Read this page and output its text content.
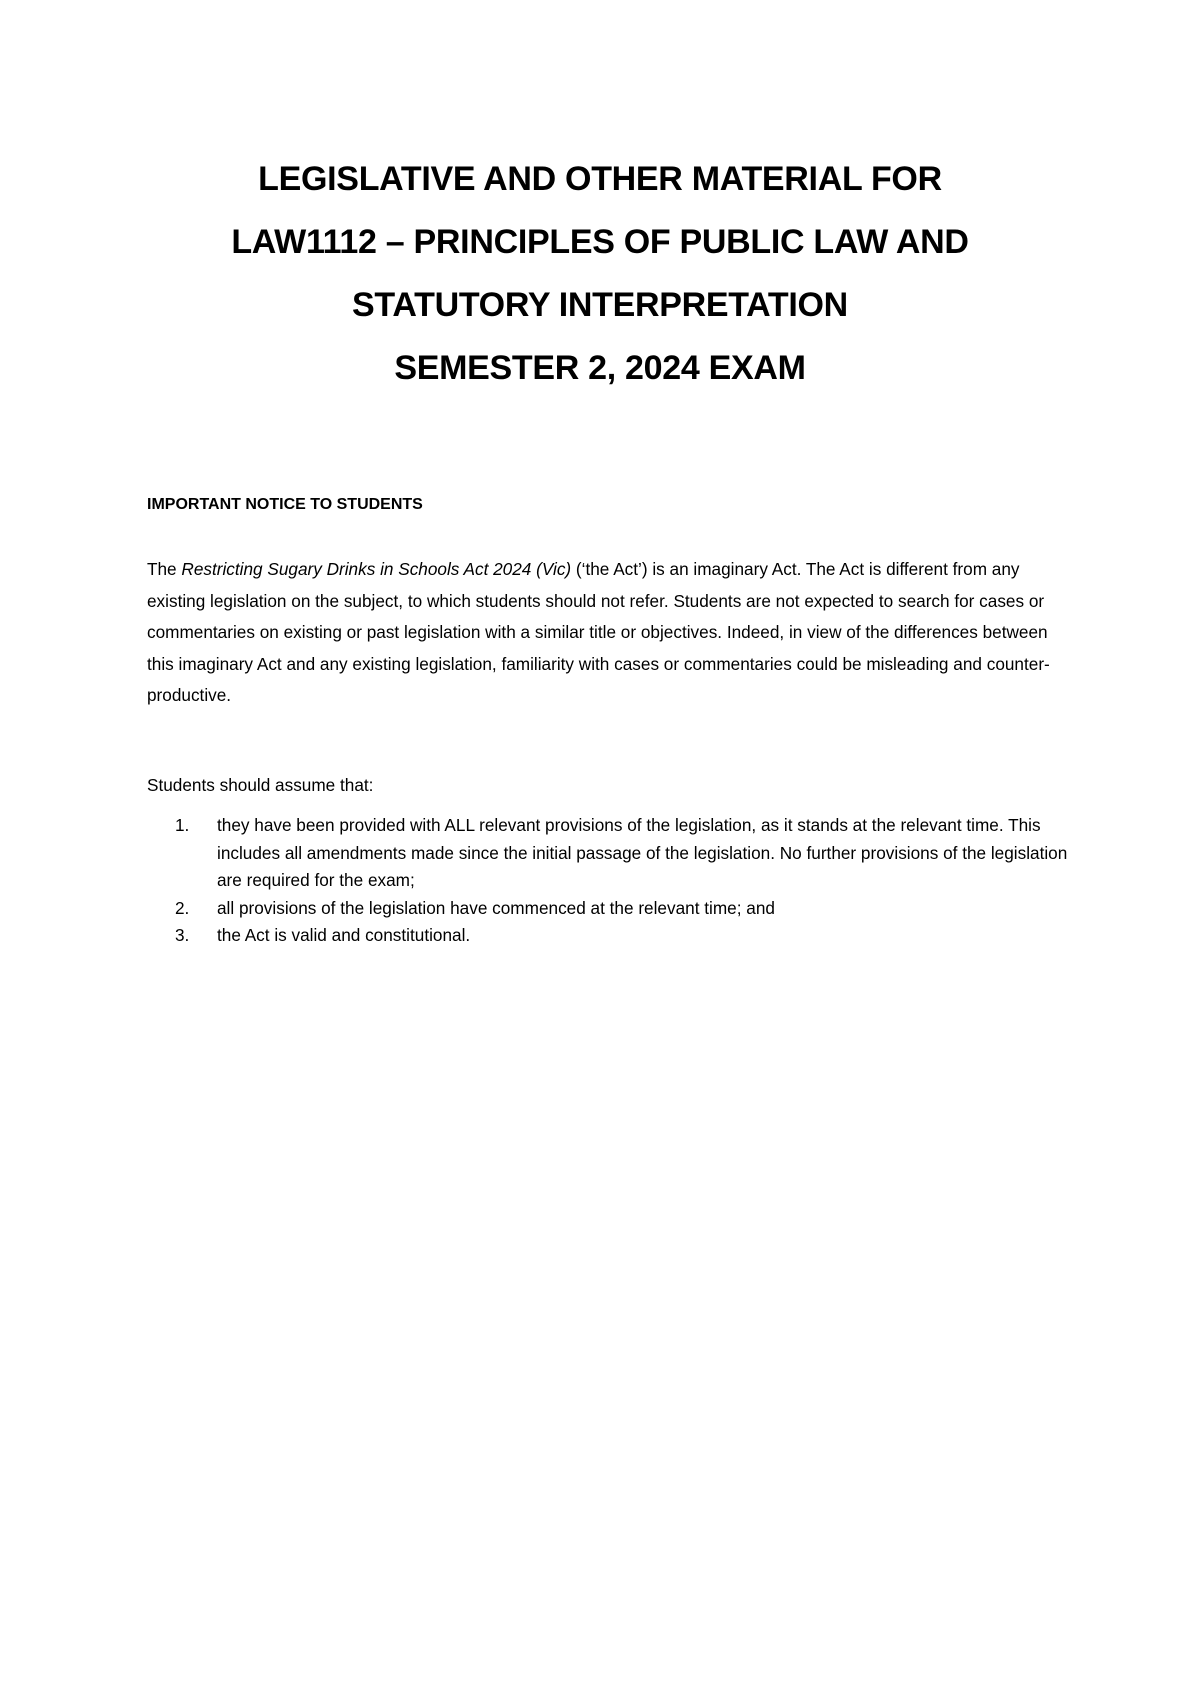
LEGISLATIVE AND OTHER MATERIAL FOR
LAW1112 – PRINCIPLES OF PUBLIC LAW AND
STATUTORY INTERPRETATION
SEMESTER 2, 2024 EXAM
IMPORTANT NOTICE TO STUDENTS
The Restricting Sugary Drinks in Schools Act 2024 (Vic) (‘the Act’) is an imaginary Act. The Act is different from any existing legislation on the subject, to which students should not refer. Students are not expected to search for cases or commentaries on existing or past legislation with a similar title or objectives. Indeed, in view of the differences between this imaginary Act and any existing legislation, familiarity with cases or commentaries could be misleading and counter-productive.
Students should assume that:
1. they have been provided with ALL relevant provisions of the legislation, as it stands at the relevant time. This includes all amendments made since the initial passage of the legislation. No further provisions of the legislation are required for the exam;
2. all provisions of the legislation have commenced at the relevant time; and
3. the Act is valid and constitutional.
